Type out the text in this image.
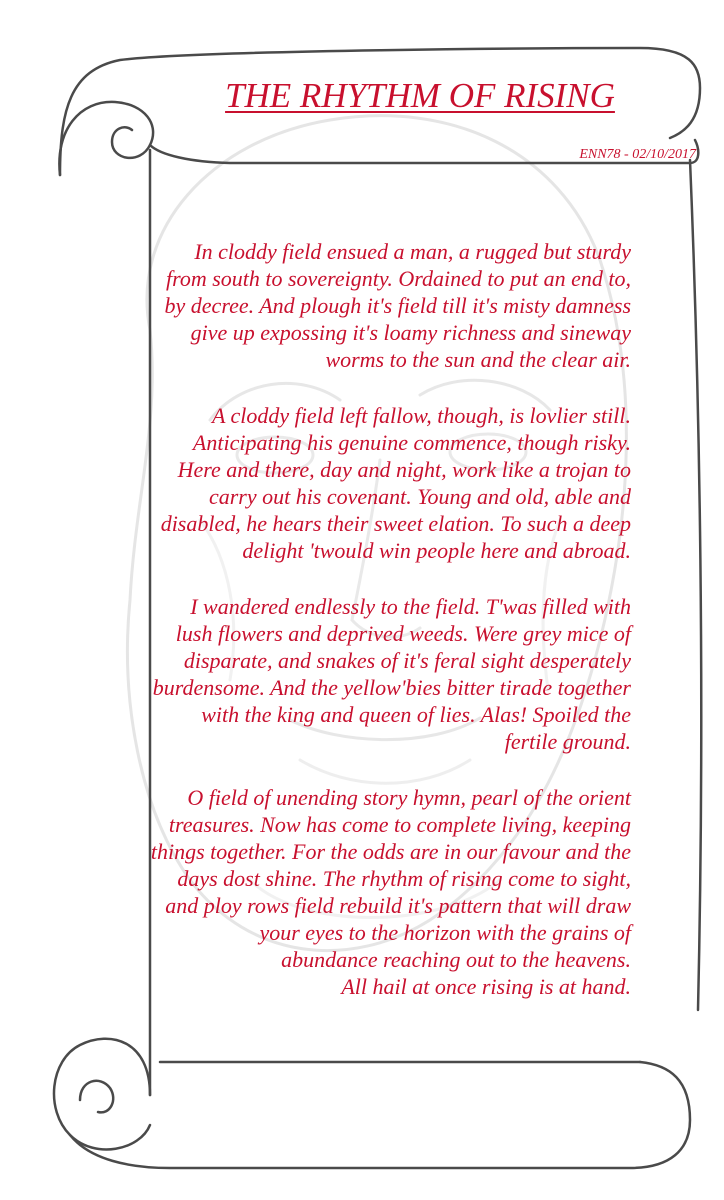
THE RHYTHM OF RISING

ENN78 - 02/10/2017

In cloddy field ensued a man, a rugged but sturdy
from south to sovereignty. Ordained to put an end to,
by decree. And plough it's field till it's misty damness
give up expossing it's loamy richness and sineway
worms to the sun and the clear air.
A cloddy field left fallow, though, is lovlier still.
Anticipating his genuine commence, though risky.
Here and there, day and night, work like a trojan to
carry out his covenant. Young and old, able and
disabled, he hears their sweet elation. To such a deep
delight 'twould win people here and abroad.
I wandered endlessly to the field. T'was filled with
lush flowers and deprived weeds. Were grey mice of
disparate, and snakes of it's feral sight desperately
burdensome. And the yellow'bies bitter tirade together
with the king and queen of lies. Alas! Spoiled the
fertile ground.
O field of unending story hymn, pearl of the orient
treasures. Now has come to complete living, keeping
things together. For the odds are in our favour and the
days dost shine. The rhythm of rising come to sight,
and ploy rows field rebuild it's pattern that will draw
your eyes to the horizon with the grains of
abundance reaching out to the heavens.
All hail at once rising is at hand.
